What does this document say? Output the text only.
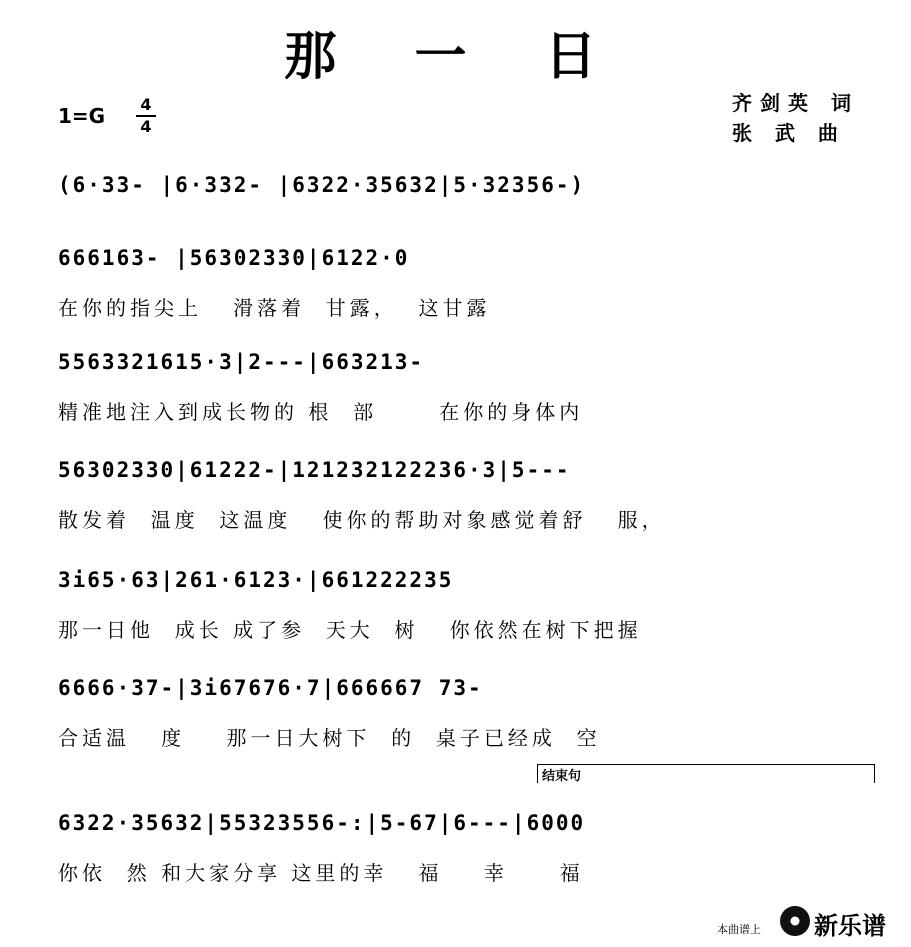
那 一 日
1=G 4
4
齐剑英 词
张 武 曲
(6·33- |6·332- |6322·35632|5·32356-)
666163- |56302330|6122·0
在你的指尖上   滑落着  甘露，  这甘露
5563321615·3|2---|663213-
精准地注入到成长物的 根  部      在你的身体内
56302330|61222-|121232122236·3|5---
散发着  温度  这温度   使你的帮助对象感觉着舒   服，
3i65·63|261·6123·|661222235
那一日他  成长 成了参  天大  树   你依然在树下把握
6666·37-|3i67676·7|666667 73-
合适温   度    那一日大树下  的  桌子已经成  空
结束句
6322·35632|55323556-:|5-67|6---|6000
你依  然 和大家分享 这里的幸   福    幸     福
本曲谱上 新乐谱
